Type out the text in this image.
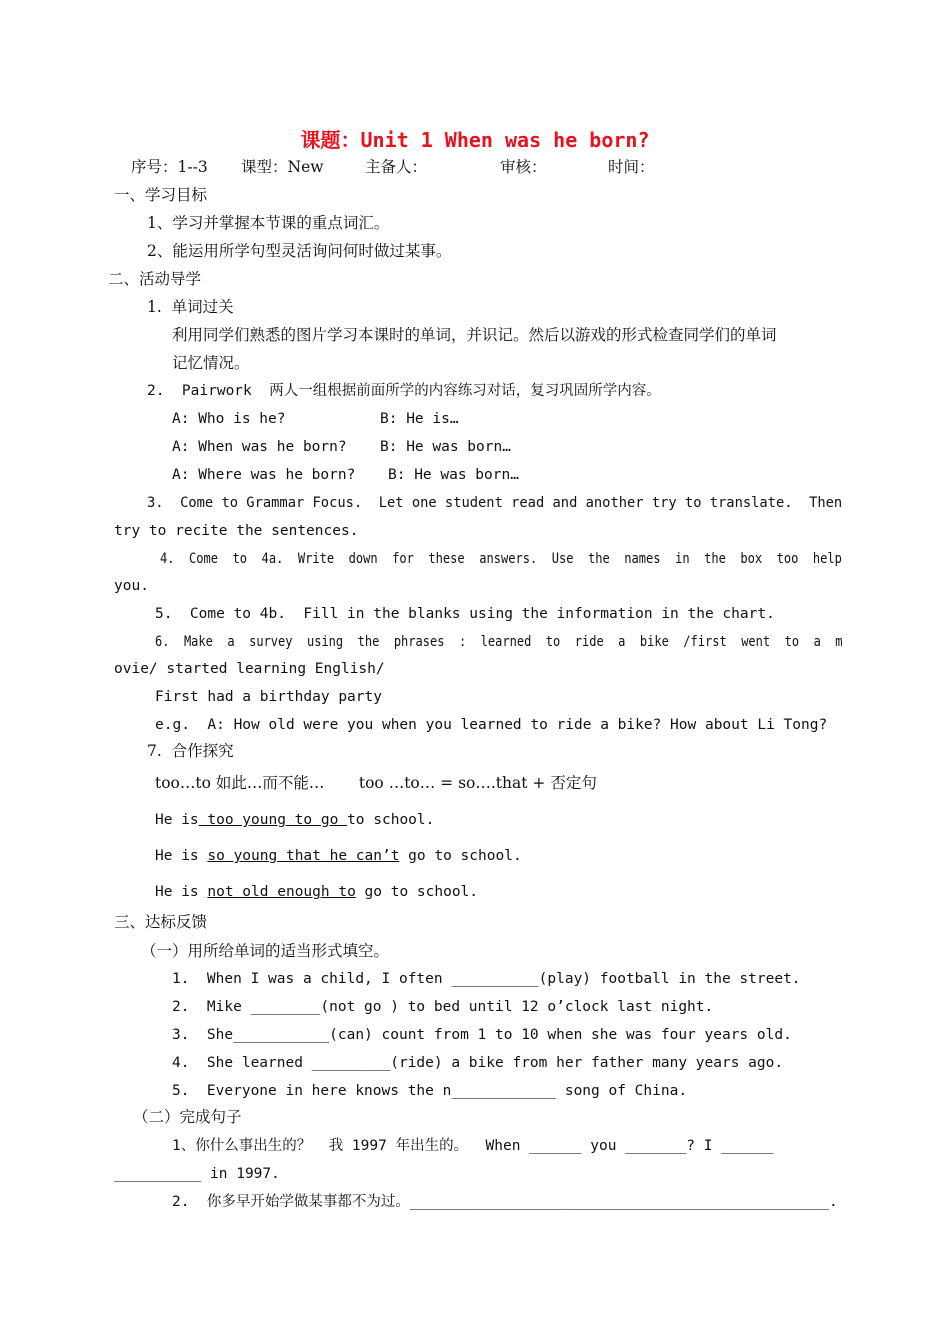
课题：Unit 1 When was he born?
序号：1--3 课型：New	主备人：	审核：	时间：
一、学习目标
1、学习并掌握本节课的重点词汇。
2、能运用所学句型灵活询问何时做过某事。
二、活动导学
1.  单词过关
利用同学们熟悉的图片学习本课时的单词，并识记。然后以游戏的形式检查同学们的单词
记忆情况。
2.  Pairwork  两人一组根据前面所学的内容练习对话，复习巩固所学内容。
A: Who is he?	B: He is…
A: When was he born? B: He was born…
A: Where was he born? B: He was born…
3.  Come to Grammar Focus.  Let one student read and another try to translate.  Then
try to recite the sentences.
4.  Come  to  4a.  Write  down  for  these  answers.  Use  the  names  in  the  box  too  help
you.
5.  Come to 4b.  Fill in the blanks using the information in the chart.
6.  Make  a  survey  using  the  phrases  :  learned  to  ride  a  bike  /first  went  to  a  m
ovie/ started learning English/
First had a birthday party
e.g.  A: How old were you when you learned to ride a bike? How about Li Tong?
7.  合作探究
too…to 如此…而不能…       too …to… = so….that + 否定句
He is too young to go to school.
He is so young that he can’t go to school.
He is not old enough to go to school.
三、达标反馈
（一）用所给单词的适当形式填空。
1.  When I was a child, I often __________(play) football in the street.
2.  Mike ________(not go ) to bed until 12 o’clock last night.
3.  She___________(can) count from 1 to 10 when she was four years old.
4.  She learned _________(ride) a bike from her father many years ago.
5.  Everyone in here knows the n____________ song of China.
（二）完成句子
1、你什么事出生的？  我 1997 年出生的。  When ______ you _______? I ______
__________ in 1997.
2.  你多早开始学做某事都不为过。________________________________________________.
